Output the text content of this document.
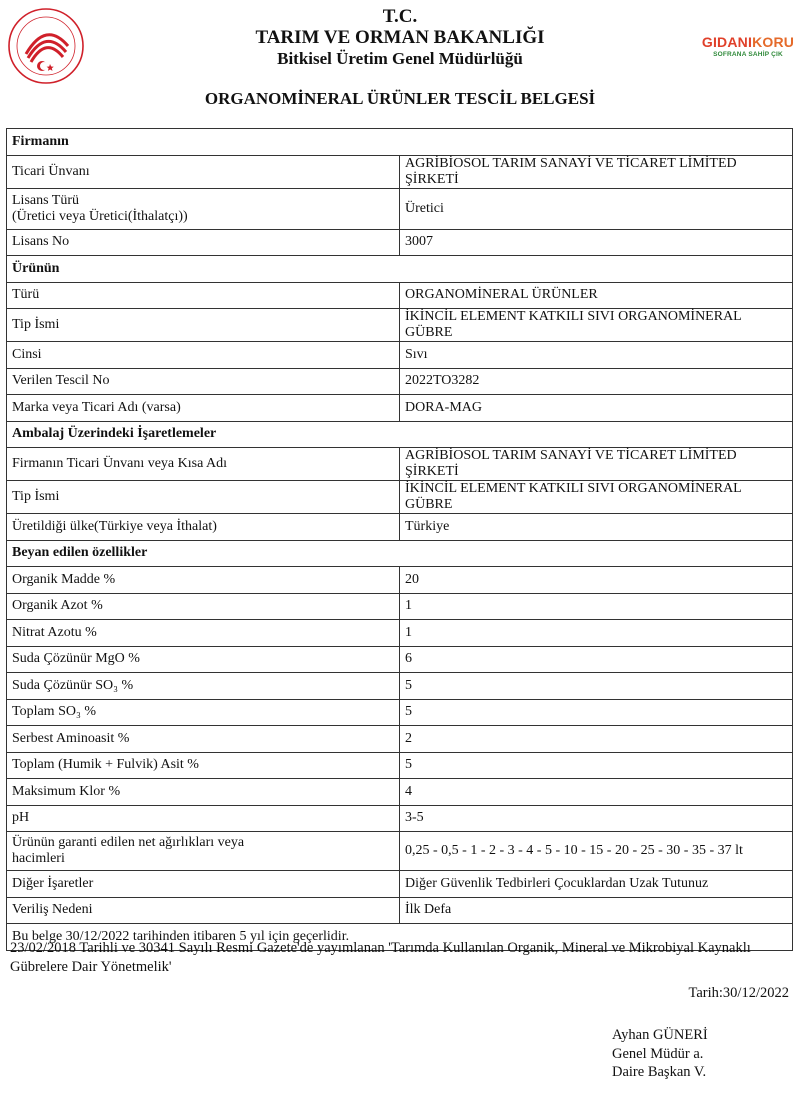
GIDANIKORU
SOFRANA SAHİP ÇIK
T.C.
TARIM VE ORMAN BAKANLIĞI
Bitkisel Üretim Genel Müdürlüğü
ORGANOMİNERAL ÜRÜNLER TESCİL BELGESİ
Firmanın	
Ticari Ünvanı	AGRİBİOSOL TARIM SANAYİ VE TİCARET LİMİTED ŞİRKETİ

Lisans Türü
(Üretici veya Üretici(İthalatçı))	Üretici
Lisans No	3007
Ürünün	
Türü	ORGANOMİNERAL ÜRÜNLER
Tip İsmi	İKİNCİL ELEMENT KATKILI SIVI ORGANOMİNERAL GÜBRE
Cinsi	Sıvı
Verilen Tescil No	2022TO3282
Marka veya Ticari Adı (varsa)	DORA-MAG
Ambalaj Üzerindeki İşaretlemeler	
Firmanın Ticari Ünvanı veya Kısa Adı	AGRİBİOSOL TARIM SANAYİ VE TİCARET LİMİTED ŞİRKETİ
Tip İsmi	İKİNCİL ELEMENT KATKILI SIVI ORGANOMİNERAL GÜBRE
Üretildiği ülke(Türkiye veya İthalat)	Türkiye
Beyan edilen özellikler	
Organik Madde %	20
Organik Azot %	1
Nitrat Azotu %	1
Suda Çözünür MgO %	6
Suda Çözünür SO₃ %	5
Toplam SO₃ %	5
Serbest Aminoasit %	2
Toplam (Humik + Fulvik) Asit %	5
Maksimum Klor %	4
pH	3-5

Ürünün garanti edilen net ağırlıkları veya
hacimleri	0,25 - 0,5 - 1 - 2 - 3 - 4 - 5 - 10 - 15 - 20 - 25 - 30 - 35 - 37 lt
Diğer İşaretler	Diğer Güvenlik Tedbirleri Çocuklardan Uzak Tutunuz
Veriliş Nedeni	İlk Defa
Bu belge 30/12/2022 tarihinden itibaren 5 yıl için geçerlidir.	
23/02/2018 Tarihli ve 30341 Sayılı Resmi Gazete'de yayımlanan 'Tarımda Kullanılan Organik, Mineral ve Mikrobiyal Kaynaklı Gübrelere Dair Yönetmelik'
Tarih:30/12/2022
Ayhan GÜNERİ
Genel Müdür a.
Daire Başkan V.
